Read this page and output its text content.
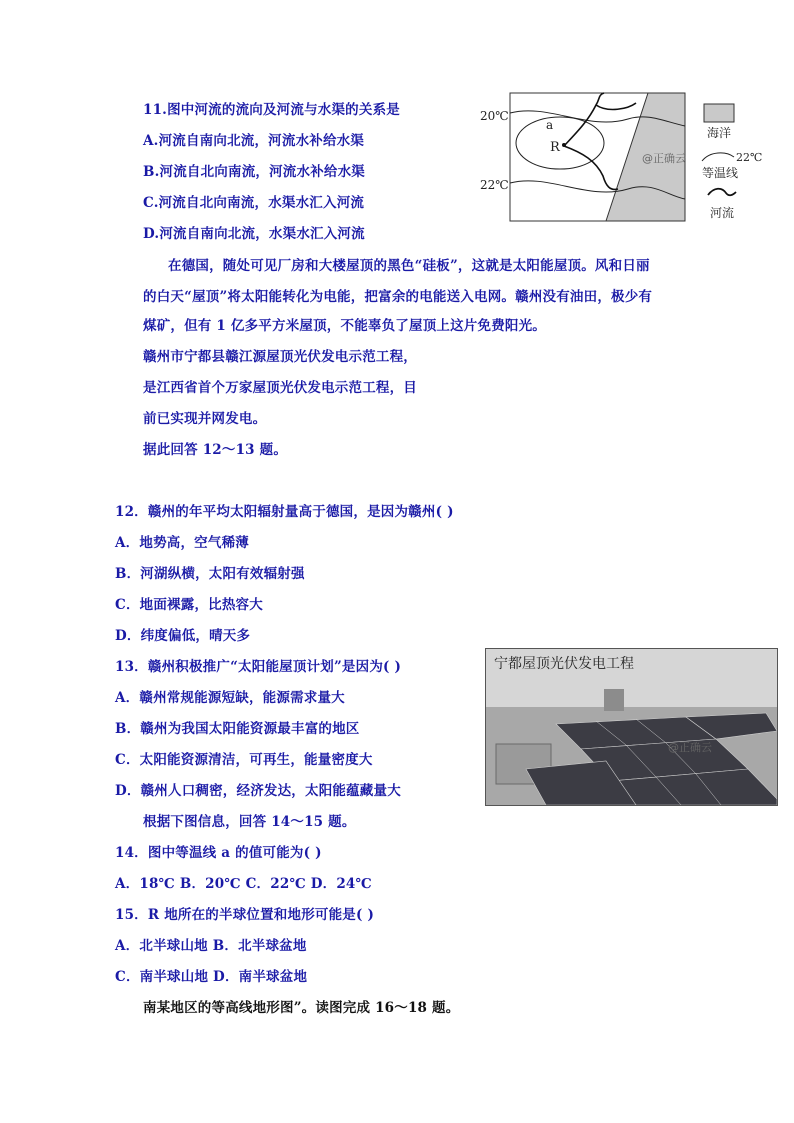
11.图中河流的流向及河流与水渠的关系是
A.河流自南向北流，河流水补给水渠
B.河流自北向南流，河流水补给水渠
C.河流自北向南流，水渠水汇入河流
D.河流自南向北流，水渠水汇入河流
20℃
22℃
a
R
@正确云
海洋
22℃
等温线
河流
在德国，随处可见厂房和大楼屋顶的黑色“硅板”，这就是太阳能屋顶。风和日丽
的白天“屋顶”将太阳能转化为电能，把富余的电能送入电网。赣州没有油田，极少有
煤矿，但有 1 亿多平方米屋顶，不能辜负了屋顶上这片免费阳光。
赣州市宁都县赣江源屋顶光伏发电示范工程，
是江西省首个万家屋顶光伏发电示范工程，目
前已实现并网发电。
据此回答 12～13 题。
12．赣州的年平均太阳辐射量高于德国，是因为赣州( )
A．地势高，空气稀薄
B．河湖纵横，太阳有效辐射强
C．地面裸露，比热容大
D．纬度偏低，晴天多
13．赣州积极推广“太阳能屋顶计划”是因为( )
A．赣州常规能源短缺，能源需求量大
B．赣州为我国太阳能资源最丰富的地区
C．太阳能资源清洁，可再生，能量密度大
D．赣州人口稠密，经济发达，太阳能蕴藏量大
宁都屋顶光伏发电工程
@正确云
根据下图信息，回答 14～15 题。
14．图中等温线 a 的值可能为( )
A．18℃ B．20℃ C．22℃ D．24℃
15．R 地所在的半球位置和地形可能是( )
A．北半球山地 B．北半球盆地
C．南半球山地 D．南半球盆地
南某地区的等高线地形图”。读图完成 16～18 题。
